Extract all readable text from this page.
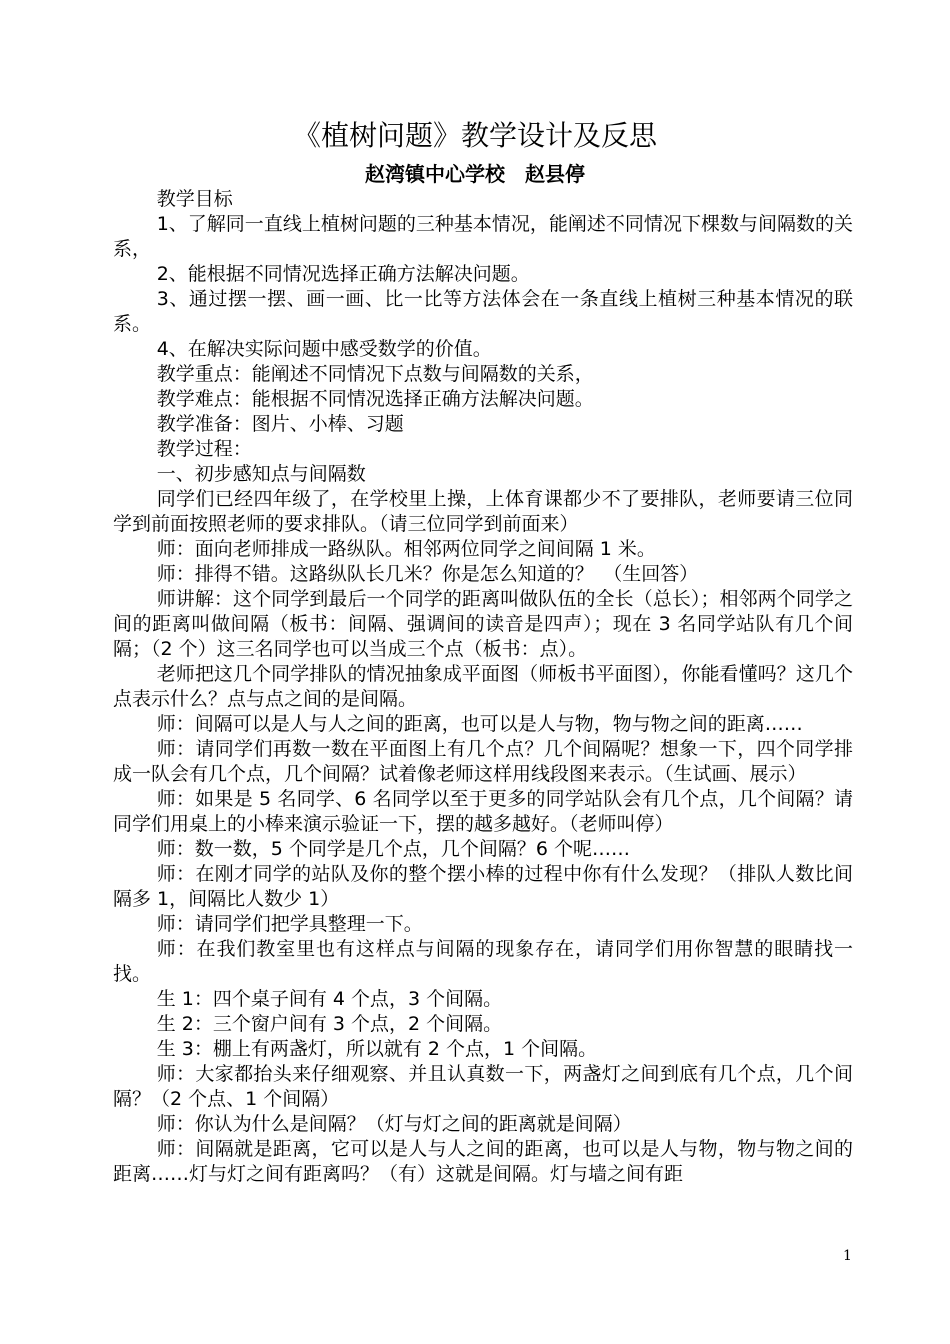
《植树问题》教学设计及反思
赵湾镇中心学校　赵县停

教学目标

1、了解同一直线上植树问题的三种基本情况，能阐述不同情况下棵数与间隔数的关系，

2、能根据不同情况选择正确方法解决问题。

3、通过摆一摆、画一画、比一比等方法体会在一条直线上植树三种基本情况的联系。

4、在解决实际问题中感受数学的价值。

教学重点：能阐述不同情况下点数与间隔数的关系，

教学难点：能根据不同情况选择正确方法解决问题。

教学准备：图片、小棒、习题

教学过程：

一、初步感知点与间隔数

同学们已经四年级了，在学校里上操，上体育课都少不了要排队，老师要请三位同学到前面按照老师的要求排队。（请三位同学到前面来）

师：面向老师排成一路纵队。相邻两位同学之间间隔 1 米。

师：排得不错。这路纵队长几米？你是怎么知道的？　（生回答）

师讲解：这个同学到最后一个同学的距离叫做队伍的全长（总长）；相邻两个同学之间的距离叫做间隔（板书：间隔、强调间的读音是四声）；现在 3 名同学站队有几个间隔；（2 个）这三名同学也可以当成三个点（板书：点）。

老师把这几个同学排队的情况抽象成平面图（师板书平面图），你能看懂吗？这几个点表示什么？点与点之间的是间隔。

师：间隔可以是人与人之间的距离，也可以是人与物，物与物之间的距离……

师：请同学们再数一数在平面图上有几个点？几个间隔呢？想象一下，四个同学排成一队会有几个点，几个间隔？试着像老师这样用线段图来表示。（生试画、展示）

师：如果是 5 名同学、6 名同学以至于更多的同学站队会有几个点，几个间隔？请同学们用桌上的小棒来演示验证一下，摆的越多越好。（老师叫停）

师：数一数，5 个同学是几个点，几个间隔？6 个呢……

师：在刚才同学的站队及你的整个摆小棒的过程中你有什么发现？（排队人数比间隔多 1，间隔比人数少 1）

师：请同学们把学具整理一下。

师：在我们教室里也有这样点与间隔的现象存在，请同学们用你智慧的眼睛找一找。

生 1：四个桌子间有 4 个点，3 个间隔。

生 2：三个窗户间有 3 个点，2 个间隔。

生 3：棚上有两盏灯，所以就有 2 个点，1 个间隔。

师：大家都抬头来仔细观察、并且认真数一下，两盏灯之间到底有几个点，几个间隔？（2 个点、1 个间隔）

师：你认为什么是间隔？（灯与灯之间的距离就是间隔）

师：间隔就是距离，它可以是人与人之间的距离，也可以是人与物，物与物之间的距离……灯与灯之间有距离吗？（有）这就是间隔。灯与墙之间有距

1
